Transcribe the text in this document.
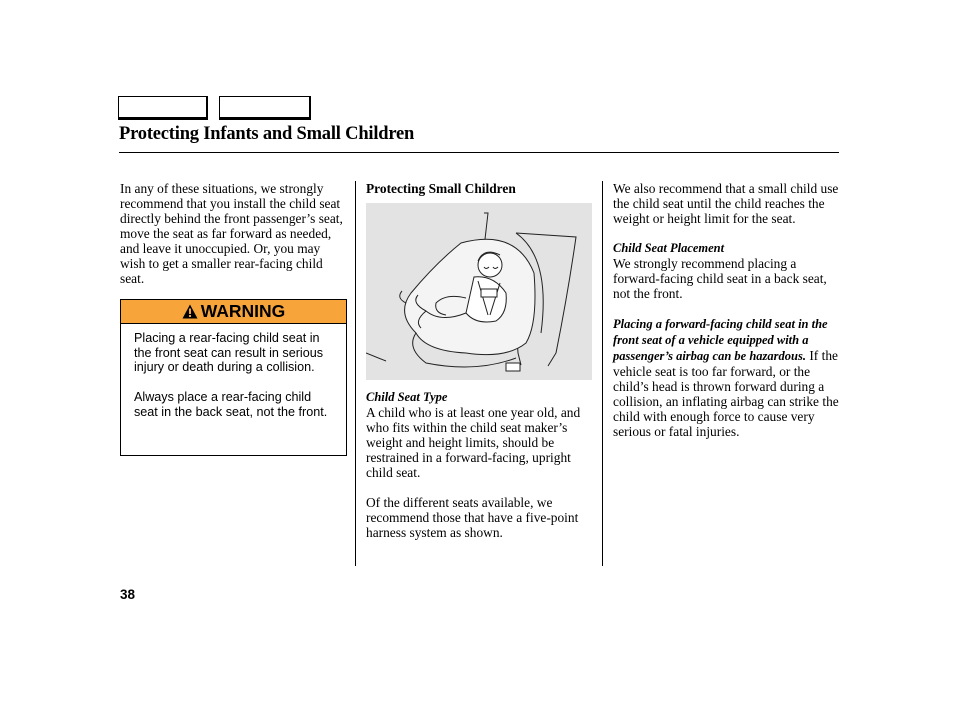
Protecting Infants and Small Children

In any of these situations, we strongly recommend that you install the child seat directly behind the front passenger’s seat, move the seat as far forward as needed, and leave it unoccupied. Or, you may wish to get a smaller rear-facing child seat.

WARNING

Placing a rear-facing child seat in the front seat can result in serious injury or death during a collision.

Always place a rear-facing child seat in the back seat, not the front.

Protecting Small Children

Child Seat Type

A child who is at least one year old, and who fits within the child seat maker’s weight and height limits, should be restrained in a forward-facing, upright child seat.

Of the different seats available, we recommend those that have a five-point harness system as shown.

We also recommend that a small child use the child seat until the child reaches the weight or height limit for the seat.

Child Seat Placement

We strongly recommend placing a forward-facing child seat in a back seat, not the front.

Placing a forward-facing child seat in the front seat of a vehicle equipped with a passenger’s airbag can be hazardous. If the vehicle seat is too far forward, or the child’s head is thrown forward during a collision, an inflating airbag can strike the child with enough force to cause very serious or fatal injuries.

38
